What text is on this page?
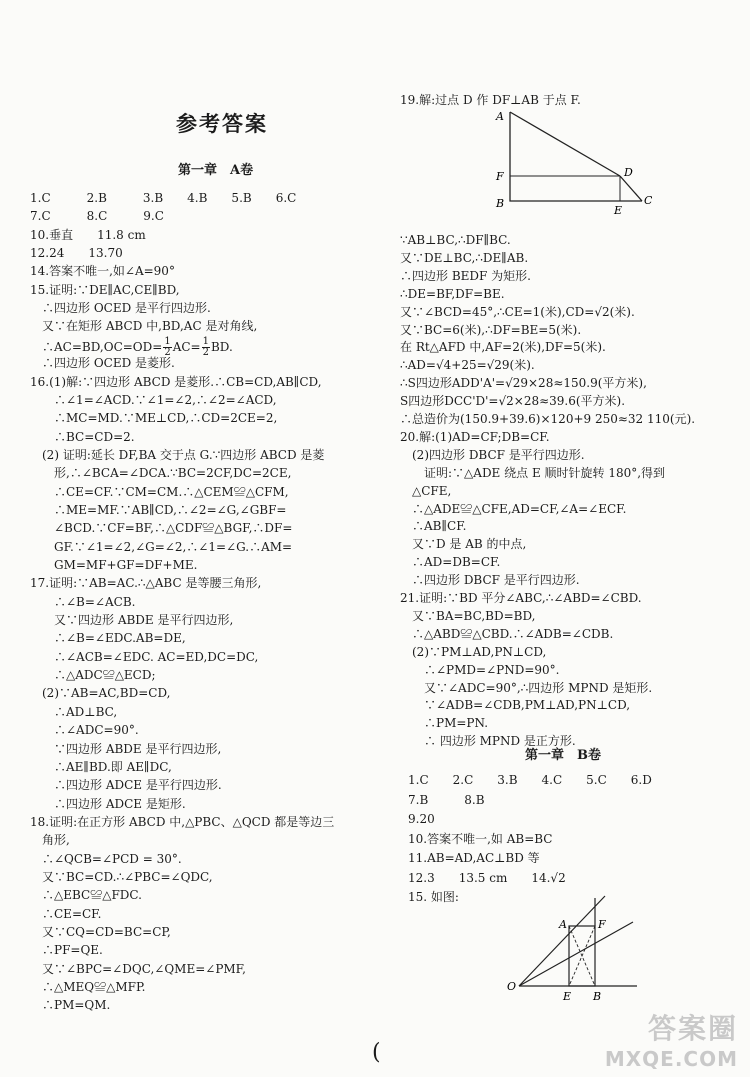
参考答案
第一章　A卷
1.C　　　2.B　　　3.B　　4.B　　5.B　　6.C
7.C　　　8.C　　　9.C
10.垂直　　11.8 cm
12.24　　13.70
14.答案不唯一,如∠A=90°
15.证明:∵DE∥AC,CE∥BD,
　∴四边形 OCED 是平行四边形.
　又∵在矩形 ABCD 中,BD,AC 是对角线,
　∴AC=BD,OC=OD= $\frac{1}{2} AC= \frac{1}{2}$ BD.
　∴四边形 OCED 是菱形.
16.(1)解:∵四边形 ABCD 是菱形.∴CB=CD,AB∥CD,
　　∴∠1=∠ACD.∵∠1=∠2,∴∠2=∠ACD,
　　∴MC=MD.∵ME⊥CD,∴CD=2CE=2,
　　∴BC=CD=2.
　(2) 证明:延长 DF,BA 交于点 G.∵四边形 ABCD 是菱
　　形,∴∠BCA=∠DCA.∵BC=2CF,DC=2CE,
　　∴CE=CF.∵CM=CM.∴△CEM≌△CFM,
　　∴ME=MF.∵AB∥CD,∴∠2=∠G,∠GBF=
　　∠BCD.∵CF=BF,∴△CDF≌△BGF,∴DF=
　　GF.∵∠1=∠2,∠G=∠2,∴∠1=∠G.∴AM=
　　GM=MF+GF=DF+ME.
17.证明:∵AB=AC.∴△ABC 是等腰三角形,
　　∴∠B=∠ACB.
　　又∵四边形 ABDE 是平行四边形,
　　∴∠B=∠EDC.AB=DE,
　　∴∠ACB=∠EDC. AC=ED,DC=DC,
　　∴△ADC≌△ECD;
　(2)∵AB=AC,BD=CD,
　　∴AD⊥BC,
　　∴∠ADC=90°.
　　∵四边形 ABDE 是平行四边形,
　　∴AE∥BD.即 AE∥DC,
　　∴四边形 ADCE 是平行四边形.
　　∴四边形 ADCE 是矩形.
18.证明:在正方形 ABCD 中,△PBC、△QCD 都是等边三
　角形,
　∴∠QCB=∠PCD = 30°.
　又∵BC=CD.∴∠PBC=∠QDC,
　∴△EBC≌△FDC.
　∴CE=CF.
　又∵CQ=CD=BC=CP,
　∴PF=QE.
　又∵∠BPC=∠DQC,∠QME=∠PMF,
　∴△MEQ≌△MFP.
　∴PM=QM.
19.解:过点 D 作 DF⊥AB 于点 F.
∵AB⊥BC,∴DF∥BC.
又∵DE⊥BC,∴DE∥AB.
∴四边形 BEDF 为矩形.
∴DE=BF,DF=BE.
又∵∠BCD=45°,∴CE=1(米),CD=√2(米).
又∵BC=6(米),∴DF=BE=5(米).
在 Rt△AFD 中,AF=2(米),DF=5(米).
∴AD=√4+25=√29(米).
∴S四边形ADD'A'=√29×28≈150.9(平方米),
S四边形DCC'D'=√2×28≈39.6(平方米).
∴总造价为(150.9+39.6)×120+9 250≈32 110(元).
20.解:(1)AD=CF;DB=CF.
　(2)四边形 DBCF 是平行四边形.
　　证明:∵△ADE 绕点 E 顺时针旋转 180°,得到
　△CFE,
　∴△ADE≌△CFE,AD=CF,∠A=∠ECF.
　∴AB∥CF.
　又∵D 是 AB 的中点,
　∴AD=DB=CF.
　∴四边形 DBCF 是平行四边形.
21.证明:∵BD 平分∠ABC,∴∠ABD=∠CBD.
　又∵BA=BC,BD=BD,
　∴△ABD≌△CBD.∴∠ADB=∠CDB.
　(2)∵PM⊥AD,PN⊥CD,
　　∴∠PMD=∠PND=90°.
　　又∵∠ADC=90°,∴四边形 MPND 是矩形.
　　∵∠ADB=∠CDB,PM⊥AD,PN⊥CD,
　　∴PM=PN.
　　∴ 四边形 MPND 是正方形.
第一章　B卷
1.C　　2.C　　3.B　　4.C　　5.C　　6.D
7.B　　　8.B
9.20
10.答案不唯一,如 AB=BC
11.AB=AD,AC⊥BD 等
12.3　　13.5 cm　　14.√2
15. 如图:
A
F	D
B
E
C
A	F
O
E B
(
答案圈
MXQE.COM
